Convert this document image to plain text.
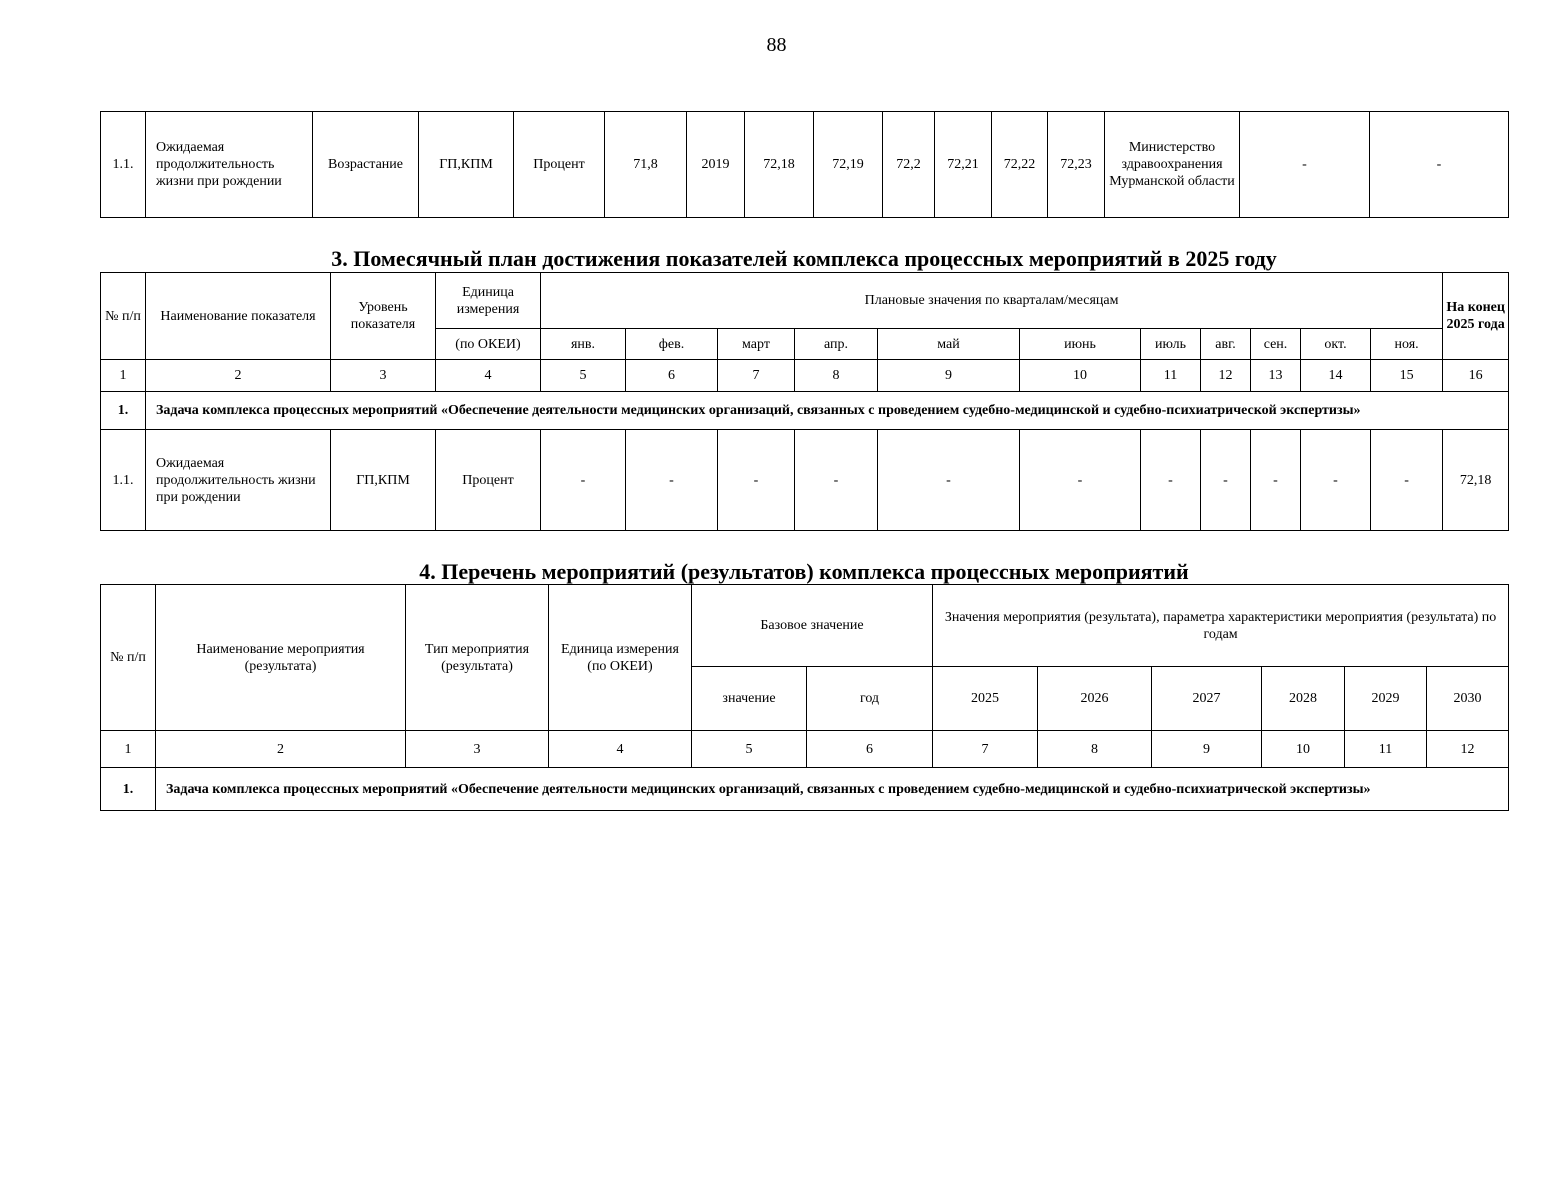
88
1.1.	Ожидаемая продолжительность жизни при рождении	Возрастание	ГП,КПМ	Процент	71,8	2019	72,18	72,19	72,2	72,21	72,22	72,23	Министерство здравоохранения Мурманской области	-	-
3. Помесячный план достижения показателей комплекса процессных мероприятий в 2025 году
№ п/п	Наименование показателя	Уровень показателя	Единица измерения	Плановые значения по кварталам/месяцам											На конец 2025 года
			(по ОКЕИ)	янв.	фев.	март	апр.	май	июнь	июль	авг.	сен.	окт.	ноя.	
1	2	3	4	5	6	7	8	9	10	11	12	13	14	15	16
1.	Задача комплекса процессных мероприятий «Обеспечение деятельности медицинских организаций, связанных с проведением судебно-медицинской и судебно-психиатрической экспертизы»														
1.1.	Ожидаемая продолжительность жизни при рождении	ГП,КПМ	Процент	-	-	-	-	-	-	-	-	-	-	-	72,18
4. Перечень мероприятий (результатов) комплекса процессных мероприятий
№ п/п	Наименование мероприятия (результата)	Тип мероприятия (результата)	Единица измерения (по ОКЕИ)	Базовое значение		Значения мероприятия (результата), параметра характеристики мероприятия (результата) по годам					
				значение	год	2025	2026	2027	2028	2029	2030
1	2	3	4	5	6	7	8	9	10	11	12
1.	Задача комплекса процессных мероприятий «Обеспечение деятельности медицинских организаций, связанных с проведением судебно-медицинской и судебно-психиатрической экспертизы»										
